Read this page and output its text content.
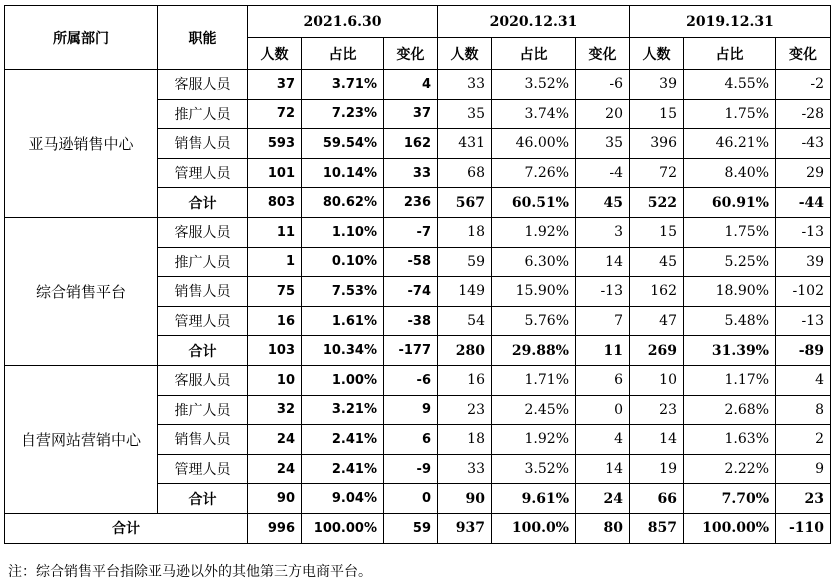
所属部门	职能	2021.6.30			2020.12.31			2019.12.31		
		人数	占比	变化	人数	占比	变化	人数	占比	变化
亚马逊销售中心	客服人员	37	3.71%	4	33	3.52%	-6	39	4.55%	-2
	推广人员	72	7.23%	37	35	3.74%	20	15	1.75%	-28
	销售人员	593	59.54%	162	431	46.00%	35	396	46.21%	-43
	管理人员	101	10.14%	33	68	7.26%	-4	72	8.40%	29
	合计	803	80.62%	236	567	60.51%	45	522	60.91%	-44
综合销售平台	客服人员	11	1.10%	-7	18	1.92%	3	15	1.75%	-13
	推广人员	1	0.10%	-58	59	6.30%	14	45	5.25%	39
	销售人员	75	7.53%	-74	149	15.90%	-13	162	18.90%	-102
	管理人员	16	1.61%	-38	54	5.76%	7	47	5.48%	-13
	合计	103	10.34%	-177	280	29.88%	11	269	31.39%	-89
自营网站营销中心	客服人员	10	1.00%	-6	16	1.71%	6	10	1.17%	4
	推广人员	32	3.21%	9	23	2.45%	0	23	2.68%	8
	销售人员	24	2.41%	6	18	1.92%	4	14	1.63%	2
	管理人员	24	2.41%	-9	33	3.52%	14	19	2.22%	9
	合计	90	9.04%	0	90	9.61%	24	66	7.70%	23
合计		996	100.00%	59	937	100.0%	80	857	100.00%	-110
注：综合销售平台指除亚马逊以外的其他第三方电商平台。
